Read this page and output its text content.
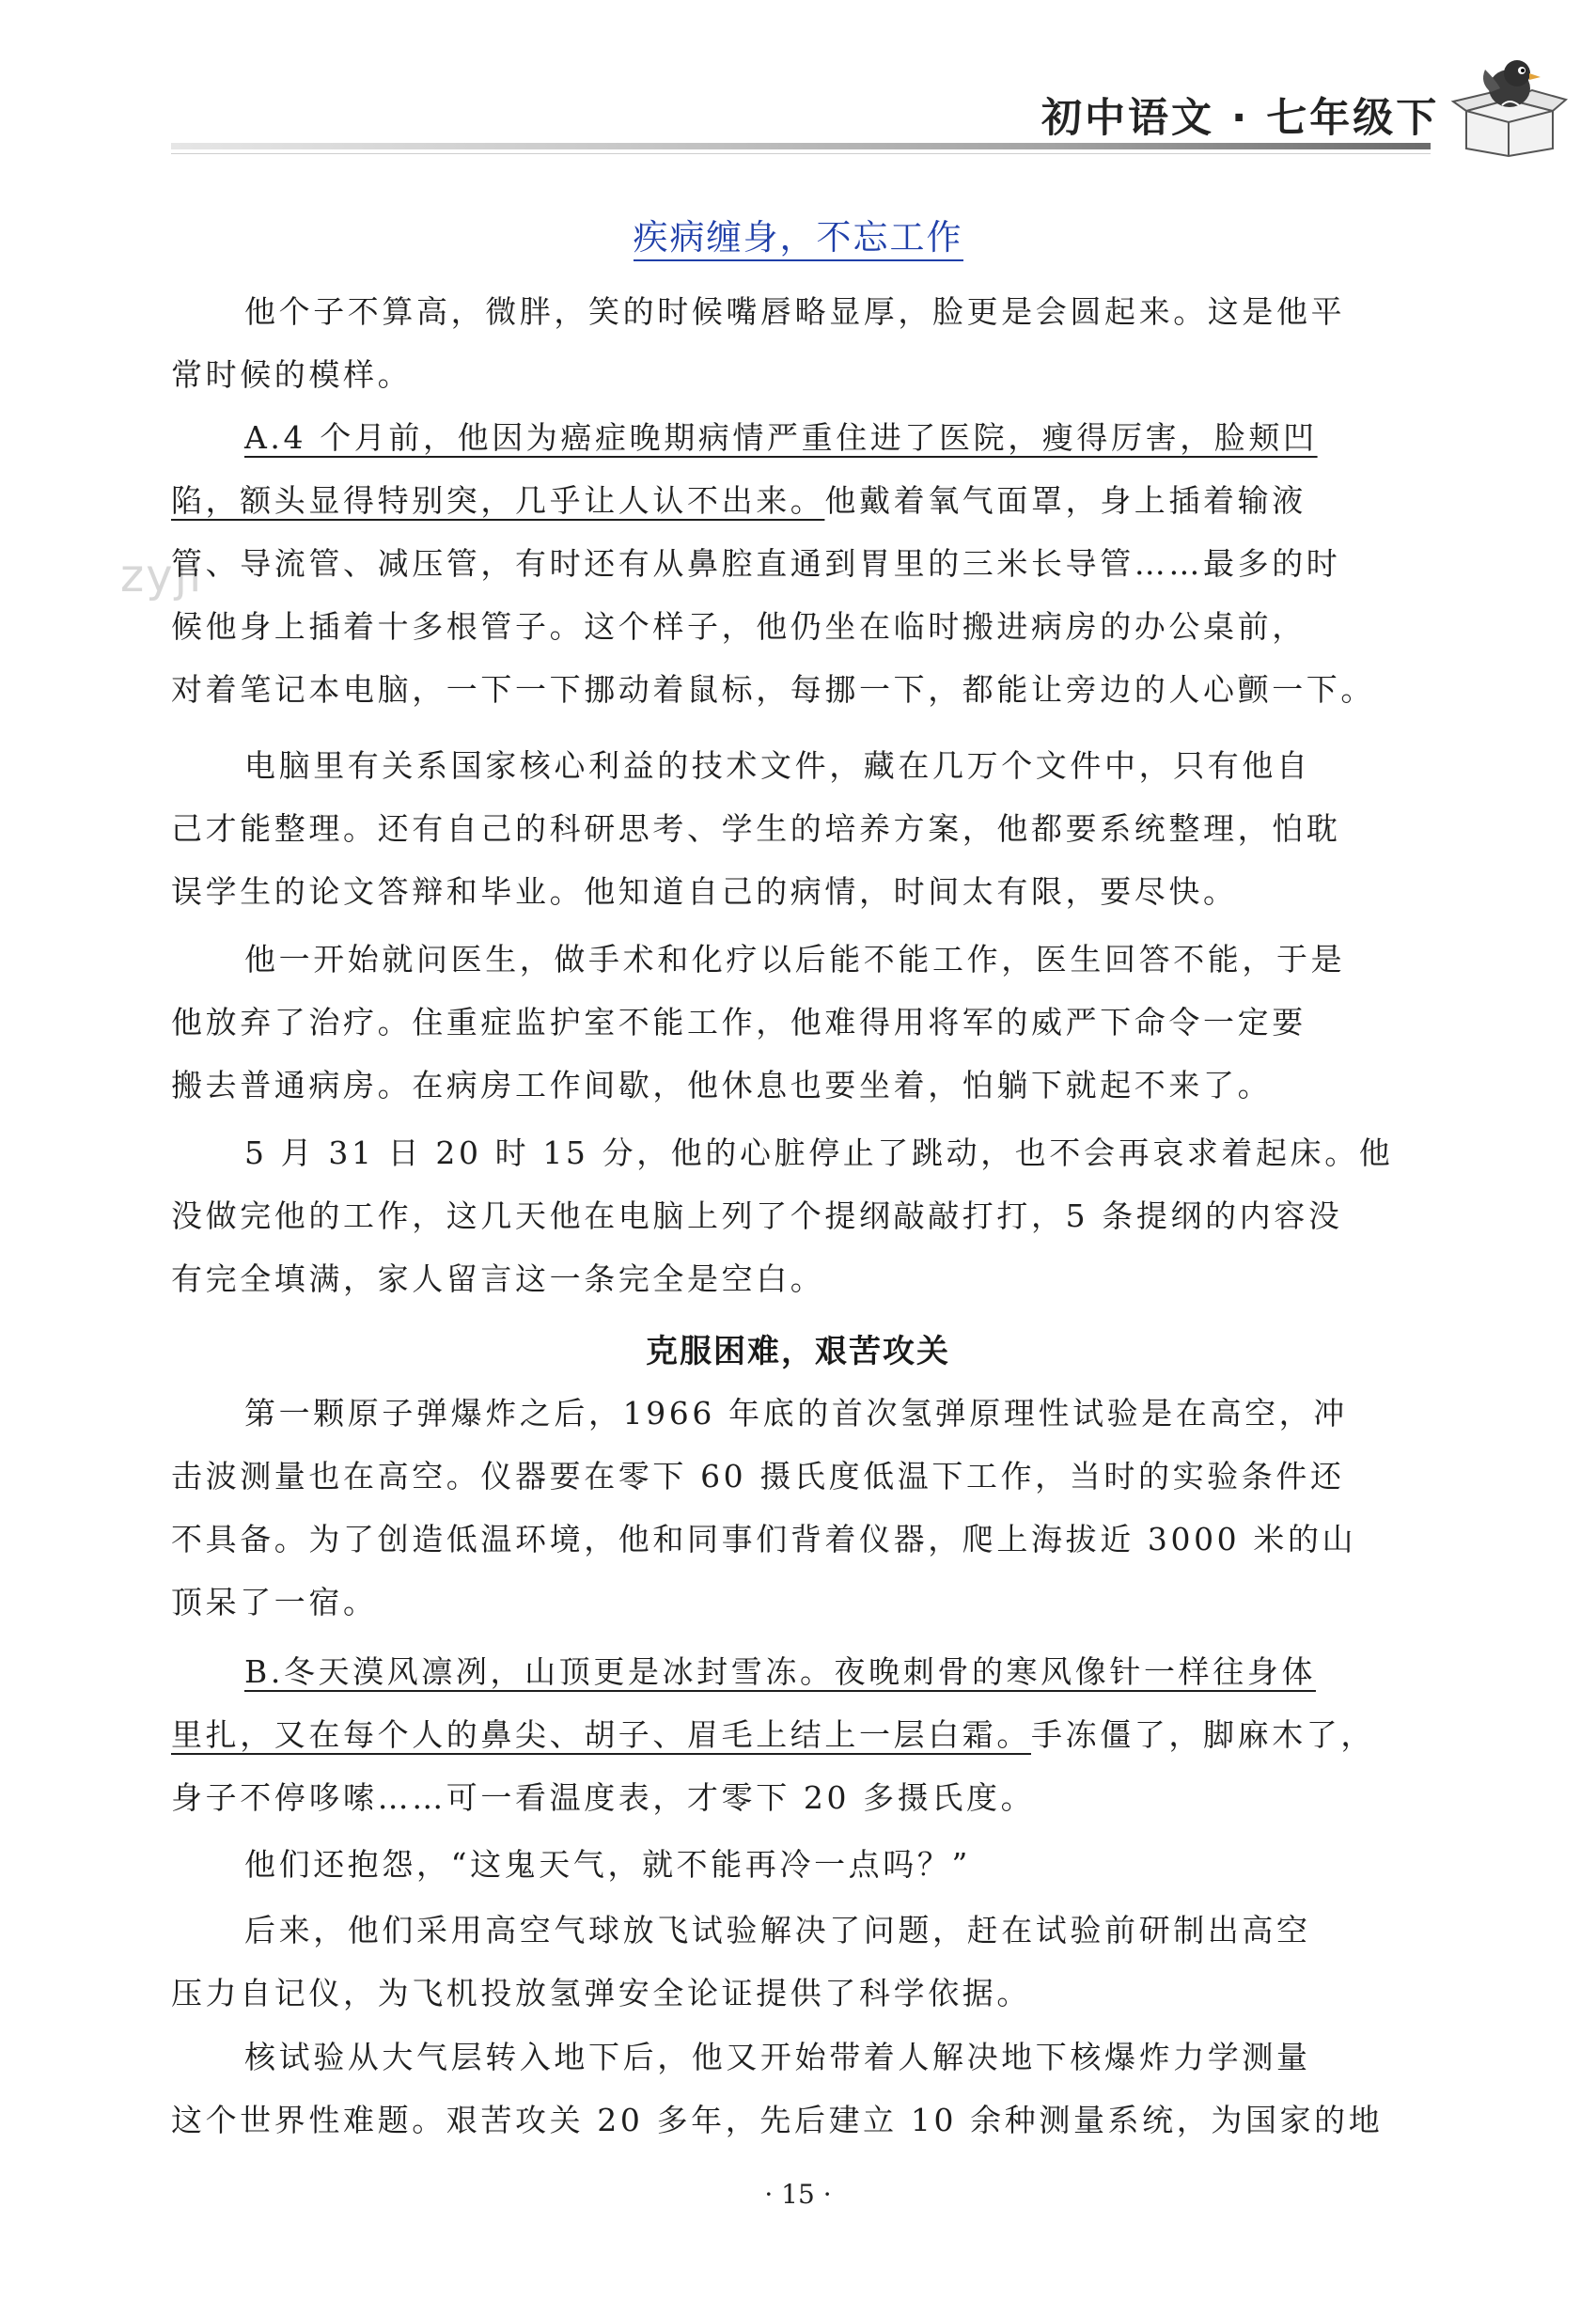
初中语文 · 七年级下
zyjl
疾病缠身，不忘工作

他个子不算高，微胖，笑的时候嘴唇略显厚，脸更是会圆起来。这是他平
常时候的模样。

A.4 个月前，他因为癌症晚期病情严重住进了医院，瘦得厉害，脸颊凹
陷，额头显得特别突，几乎让人认不出来。他戴着氧气面罩，身上插着输液
管、导流管、减压管，有时还有从鼻腔直通到胃里的三米长导管……最多的时
候他身上插着十多根管子。这个样子，他仍坐在临时搬进病房的办公桌前，
对着笔记本电脑，一下一下挪动着鼠标，每挪一下，都能让旁边的人心颤一下。

电脑里有关系国家核心利益的技术文件，藏在几万个文件中，只有他自
己才能整理。还有自己的科研思考、学生的培养方案，他都要系统整理，怕耽
误学生的论文答辩和毕业。他知道自己的病情，时间太有限，要尽快。

他一开始就问医生，做手术和化疗以后能不能工作，医生回答不能，于是
他放弃了治疗。住重症监护室不能工作，他难得用将军的威严下命令一定要
搬去普通病房。在病房工作间歇，他休息也要坐着，怕躺下就起不来了。

5 月 31 日 20 时 15 分，他的心脏停止了跳动，也不会再哀求着起床。他
没做完他的工作，这几天他在电脑上列了个提纲敲敲打打，5 条提纲的内容没
有完全填满，家人留言这一条完全是空白。

克服困难，艰苦攻关

第一颗原子弹爆炸之后，1966 年底的首次氢弹原理性试验是在高空，冲
击波测量也在高空。仪器要在零下 60 摄氏度低温下工作，当时的实验条件还
不具备。为了创造低温环境，他和同事们背着仪器，爬上海拔近 3000 米的山
顶呆了一宿。

B.冬天漠风凛冽，山顶更是冰封雪冻。夜晚刺骨的寒风像针一样往身体
里扎，又在每个人的鼻尖、胡子、眉毛上结上一层白霜。手冻僵了，脚麻木了，
身子不停哆嗦……可一看温度表，才零下 20 多摄氏度。

他们还抱怨，“这鬼天气，就不能再冷一点吗？”

后来，他们采用高空气球放飞试验解决了问题，赶在试验前研制出高空
压力自记仪，为飞机投放氢弹安全论证提供了科学依据。

核试验从大气层转入地下后，他又开始带着人解决地下核爆炸力学测量
这个世界性难题。艰苦攻关 20 多年，先后建立 10 余种测量系统，为国家的地

· 15 ·
